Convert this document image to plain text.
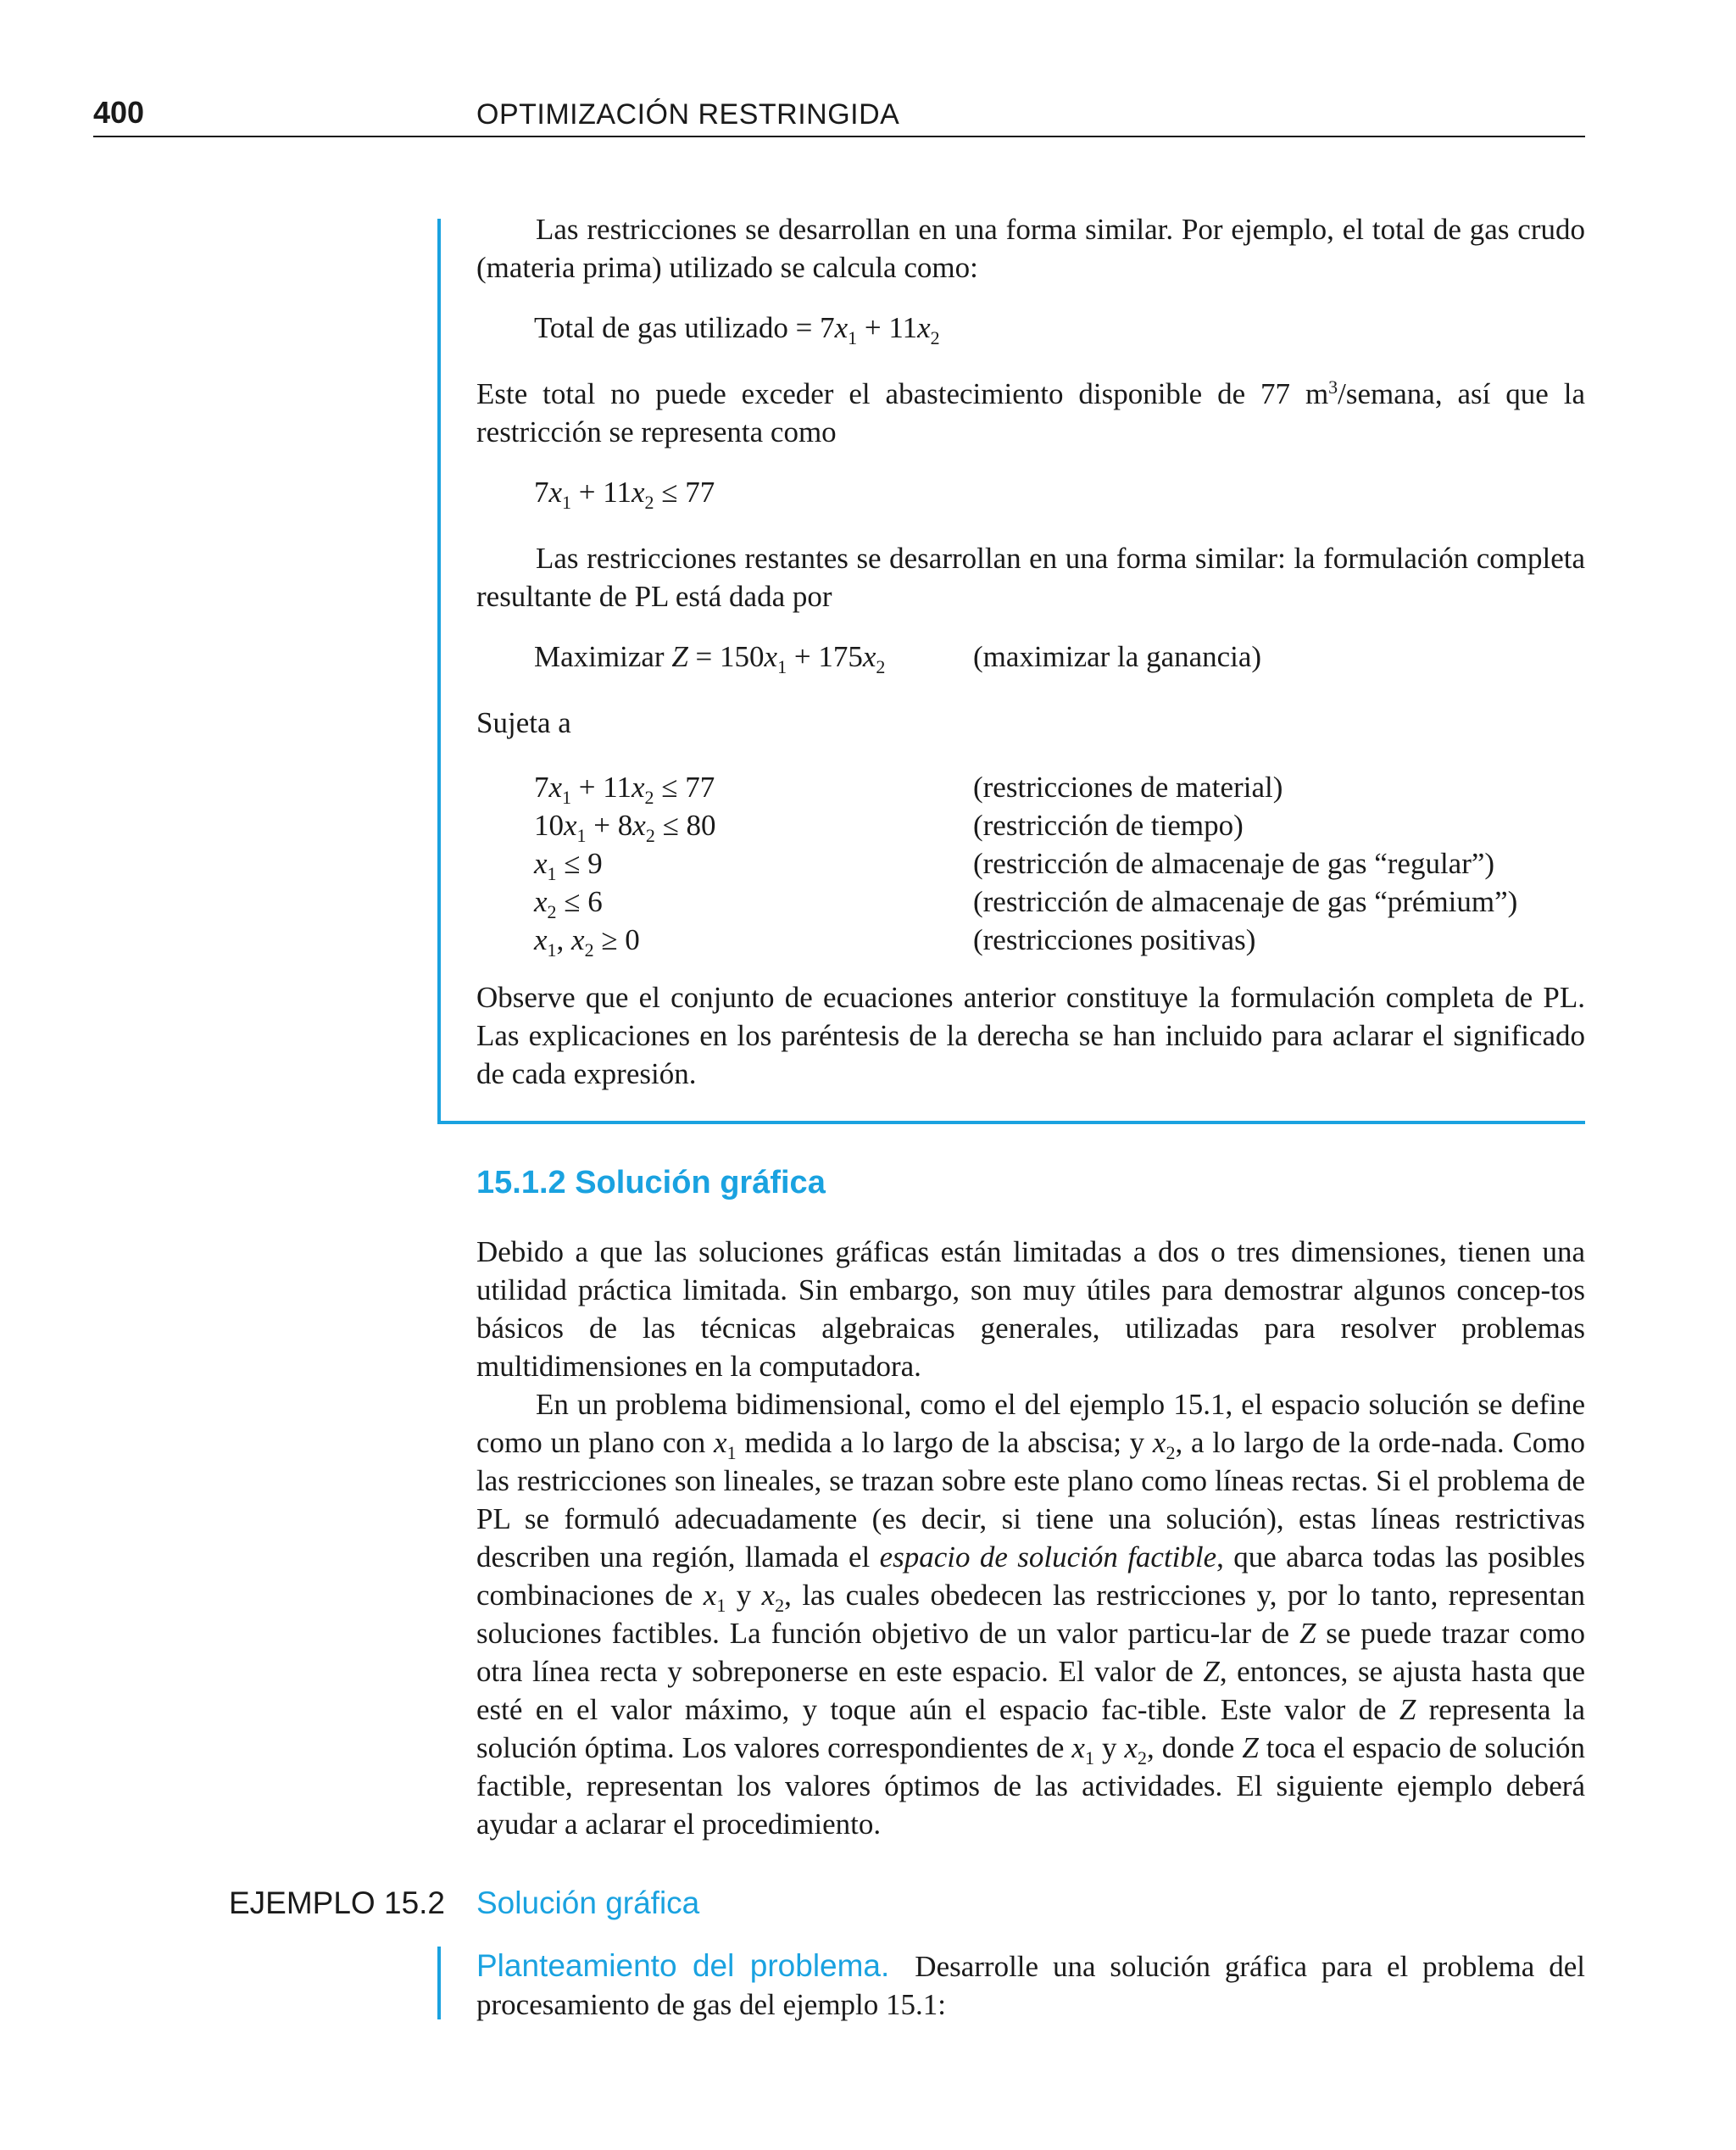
400	OPTIMIZACIÓN RESTRINGIDA
Las restricciones se desarrollan en una forma similar. Por ejemplo, el total de gas crudo (materia prima) utilizado se calcula como:
Total de gas utilizado = $7x_1 + 11x_2$
Este total no puede exceder el abastecimiento disponible de 77 $m^3$/semana, así que la restricción se representa como
$7x_1 + 11x_2 \le 77$
Las restricciones restantes se desarrollan en una forma similar: la formulación completa resultante de PL está dada por
Maximizar $Z = 150x_1 + 175x_2$	(maximizar la ganancia)
Sujeta a
$7x_1 + 11x_2 \le 77$	(restricciones de material)
$10x_1 + 8x_2 \le 80$	(restricción de tiempo)
$x_1 \le 9$	(restricción de almacenaje de gas “regular”)
$x_2 \le 6$	(restricción de almacenaje de gas “prémium”)
$x_1$, $x_2 \ge 0$	(restricciones positivas)
Observe que el conjunto de ecuaciones anterior constituye la formulación completa de PL. Las explicaciones en los paréntesis de la derecha se han incluido para aclarar el significado de cada expresión.
15.1.2 Solución gráfica
Debido a que las soluciones gráficas están limitadas a dos o tres dimensiones, tienen una utilidad práctica limitada. Sin embargo, son muy útiles para demostrar algunos concep-tos básicos de las técnicas algebraicas generales, utilizadas para resolver problemas multidimensiones en la computadora.
En un problema bidimensional, como el del ejemplo 15.1, el espacio solución se define como un plano con $x_1$ medida a lo largo de la abscisa; y $x_2$, a lo largo de la orde-nada. Como las restricciones son lineales, se trazan sobre este plano como líneas rectas. Si el problema de PL se formuló adecuadamente (es decir, si tiene una solución), estas líneas restrictivas describen una región, llamada el espacio de solución factible, que abarca todas las posibles combinaciones de $x_1$ y $x_2$, las cuales obedecen las restricciones y, por lo tanto, representan soluciones factibles. La función objetivo de un valor particu-lar de Z se puede trazar como otra línea recta y sobreponerse en este espacio. El valor de Z, entonces, se ajusta hasta que esté en el valor máximo, y toque aún el espacio fac-tible. Este valor de Z representa la solución óptima. Los valores correspondientes de $x_1$ y $x_2$, donde Z toca el espacio de solución factible, representan los valores óptimos de las actividades. El siguiente ejemplo deberá ayudar a aclarar el procedimiento.
EJEMPLO 15.2 Solución gráfica
Planteamiento del problema. Desarrolle una solución gráfica para el problema del procesamiento de gas del ejemplo 15.1:
